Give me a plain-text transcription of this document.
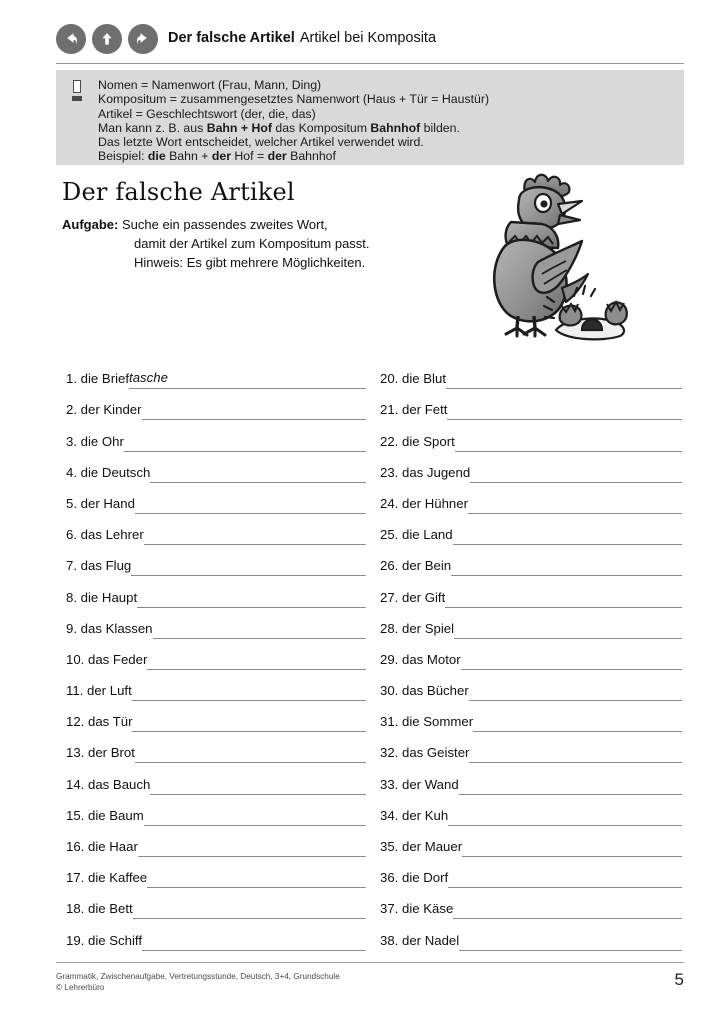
Der falsche Artikel Artikel bei Komposita
Nomen = Namenwort (Frau, Mann, Ding)
Kompositum = zusammengesetztes Namenwort (Haus + Tür = Haustür)
Artikel = Geschlechtswort (der, die, das)
Man kann z. B. aus Bahn + Hof das Kompositum Bahnhof bilden.
Das letzte Wort entscheidet, welcher Artikel verwendet wird.
Beispiel: die Bahn + der Hof = der Bahnhof
Der falsche Artikel
Aufgabe: Suche ein passendes zweites Wort,
damit der Artikel zum Kompositum passt.
Hinweis: Es gibt mehrere Möglichkeiten.
1. die Brief tasche
2. der Kinder
3. die Ohr
4. die Deutsch
5. der Hand
6. das Lehrer
7. das Flug
8. die Haupt
9. das Klassen
10. das Feder
11. der Luft
12. das Tür
13. der Brot
14. das Bauch
15. die Baum
16. die Haar
17. die Kaffee
18. die Bett
19. die Schiff
20. die Blut
21. der Fett
22. die Sport
23. das Jugend
24. der Hühner
25. die Land
26. der Bein
27. der Gift
28. der Spiel
29. das Motor
30. das Bücher
31. die Sommer
32. das Geister
33. der Wand
34. der Kuh
35. der Mauer
36. die Dorf
37. die Käse
38. der Nadel
Grammatik, Zwischenaufgabe, Vertretungsstunde, Deutsch, 3+4, Grundschule
© Lehrerbüro	5
